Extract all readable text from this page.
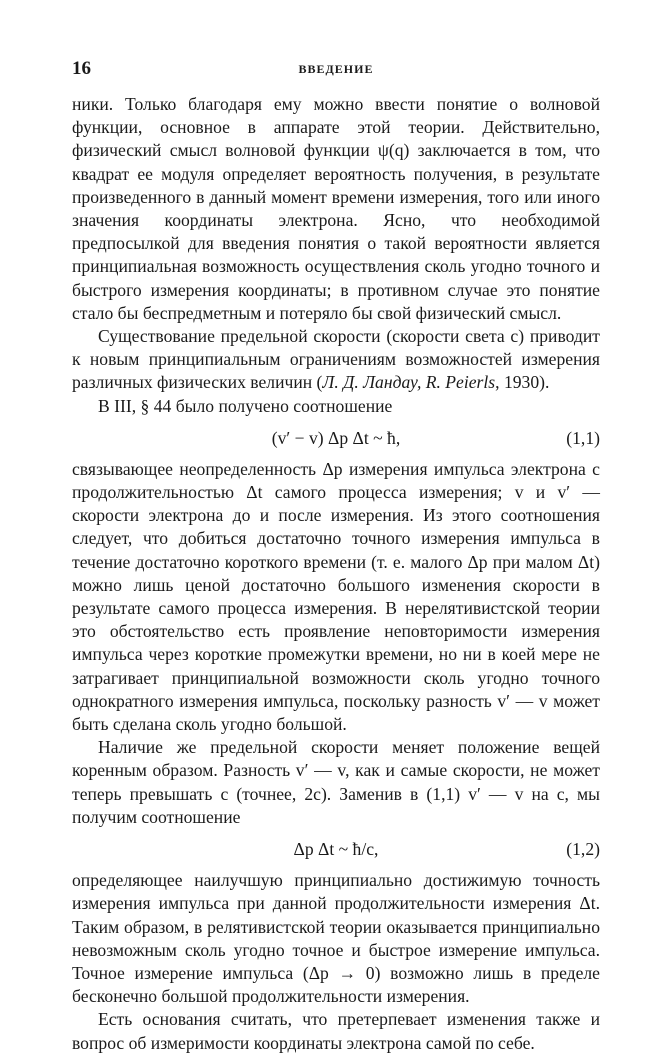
16	ВВЕДЕНИЕ

ники. Только благодаря ему можно ввести понятие о волновой функции, основное в аппарате этой теории. Действительно, физический смысл волновой функции ψ(q) заключается в том, что квадрат ее модуля определяет вероятность получения, в результате произведенного в данный момент времени измерения, того или иного значения координаты электрона. Ясно, что необходимой предпосылкой для введения понятия о такой вероятности является принципиальная возможность осуществления сколь угодно точного и быстрого измерения координаты; в противном случае это понятие стало бы беспредметным и потеряло бы свой физический смысл.

Существование предельной скорости (скорости света c) приводит к новым принципиальным ограничениям возможностей измерения различных физических величин (Л. Д. Ландау, R. Peierls, 1930).

В III, § 44 было получено соотношение

(v′ − v) Δp Δt ~ ħ,	(1,1)

связывающее неопределенность Δp измерения импульса электрона с продолжительностью Δt самого процесса измерения; v и v′ — скорости электрона до и после измерения. Из этого соотношения следует, что добиться достаточно точного измерения импульса в течение достаточно короткого времени (т. е. малого Δp при малом Δt) можно лишь ценой достаточно большого изменения скорости в результате самого процесса измерения. В нерелятивистской теории это обстоятельство есть проявление неповторимости измерения импульса через короткие промежутки времени, но ни в коей мере не затрагивает принципиальной возможности сколь угодно точного однократного измерения импульса, поскольку разность v′ — v может быть сделана сколь угодно большой.

Наличие же предельной скорости меняет положение вещей коренным образом. Разность v′ — v, как и самые скорости, не может теперь превышать c (точнее, 2c). Заменив в (1,1) v′ — v на c, мы получим соотношение

Δp Δt ~ ħ/c,	(1,2)

определяющее наилучшую принципиально достижимую точность измерения импульса при данной продолжительности измерения Δt. Таким образом, в релятивистской теории оказывается принципиально невозможным сколь угодно точное и быстрое измерение импульса. Точное измерение импульса (Δp → 0) возможно лишь в пределе бесконечно большой продолжительности измерения.

Есть основания считать, что претерпевает изменения также и вопрос об измеримости координаты электрона самой по себе.
